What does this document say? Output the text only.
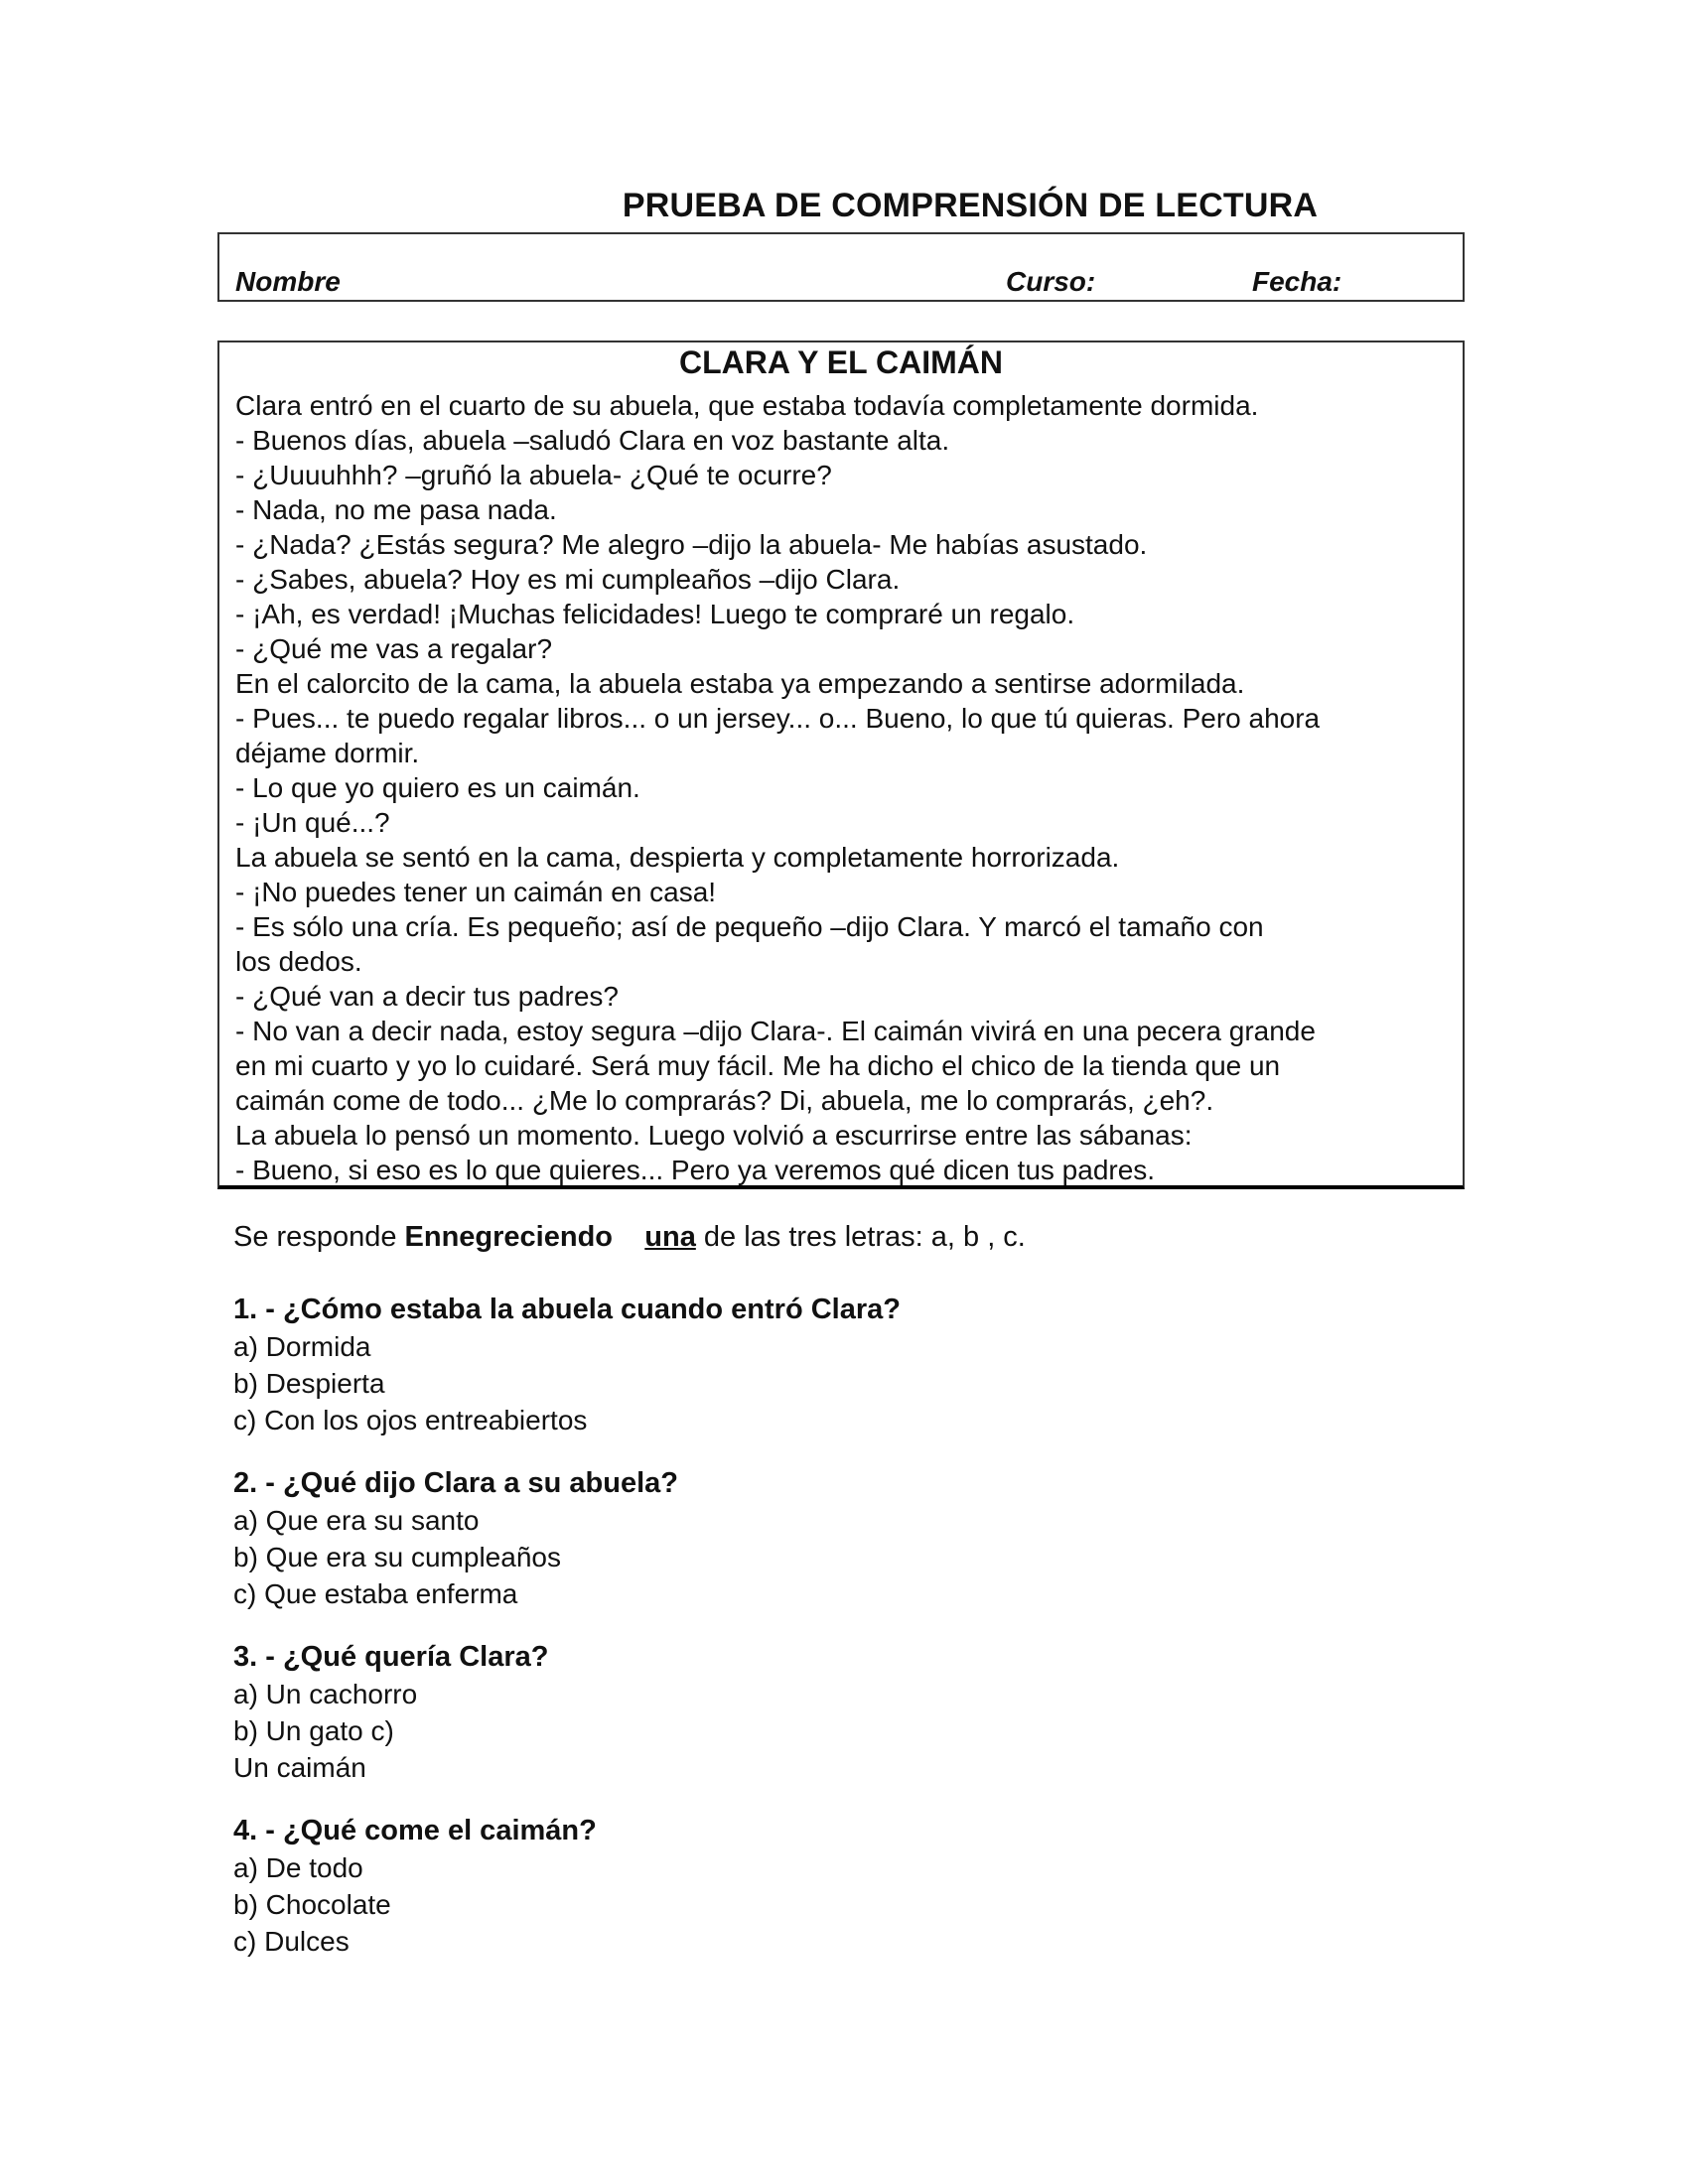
PRUEBA DE COMPRENSIÓN DE LECTURA
Nombre	Curso:	Fecha:
CLARA Y EL CAIMÁN
Clara entró en el cuarto de su abuela, que estaba todavía completamente dormida.
- Buenos días, abuela –saludó Clara en voz bastante alta.
- ¿Uuuuhhh? –gruñó la abuela- ¿Qué te ocurre?
- Nada, no me pasa nada.
- ¿Nada? ¿Estás segura? Me alegro –dijo la abuela- Me habías asustado.
- ¿Sabes, abuela? Hoy es mi cumpleaños –dijo Clara.
- ¡Ah, es verdad! ¡Muchas felicidades! Luego te compraré un regalo.
- ¿Qué me vas a regalar?
En el calorcito de la cama, la abuela estaba ya empezando a sentirse adormilada.
- Pues... te puedo regalar libros... o un jersey... o... Bueno, lo que tú quieras. Pero ahora
déjame dormir.
- Lo que yo quiero es un caimán.
- ¡Un qué...?
La abuela se sentó en la cama, despierta y completamente horrorizada.
- ¡No puedes tener un caimán en casa!
- Es sólo una cría. Es pequeño; así de pequeño –dijo Clara. Y marcó el tamaño con
los dedos.
- ¿Qué van a decir tus padres?
- No van a decir nada, estoy segura –dijo Clara-. El caimán vivirá en una pecera grande
en mi cuarto y yo lo cuidaré. Será muy fácil. Me ha dicho el chico de la tienda que un
caimán come de todo... ¿Me lo comprarás? Di, abuela, me lo comprarás, ¿eh?.
La abuela lo pensó un momento. Luego volvió a escurrirse entre las sábanas:
- Bueno, si eso es lo que quieres... Pero ya veremos qué dicen tus padres.
Se responde Ennegreciendo una de las tres letras: a, b , c.
1. - ¿Cómo estaba la abuela cuando entró Clara?
a) Dormida
b) Despierta
c) Con los ojos entreabiertos
2. - ¿Qué dijo Clara a su abuela?
a) Que era su santo
b) Que era su cumpleaños
c) Que estaba enferma
3. - ¿Qué quería Clara?
a) Un cachorro
b) Un gato c)
Un caimán
4. - ¿Qué come el caimán?
a) De todo
b) Chocolate
c) Dulces
